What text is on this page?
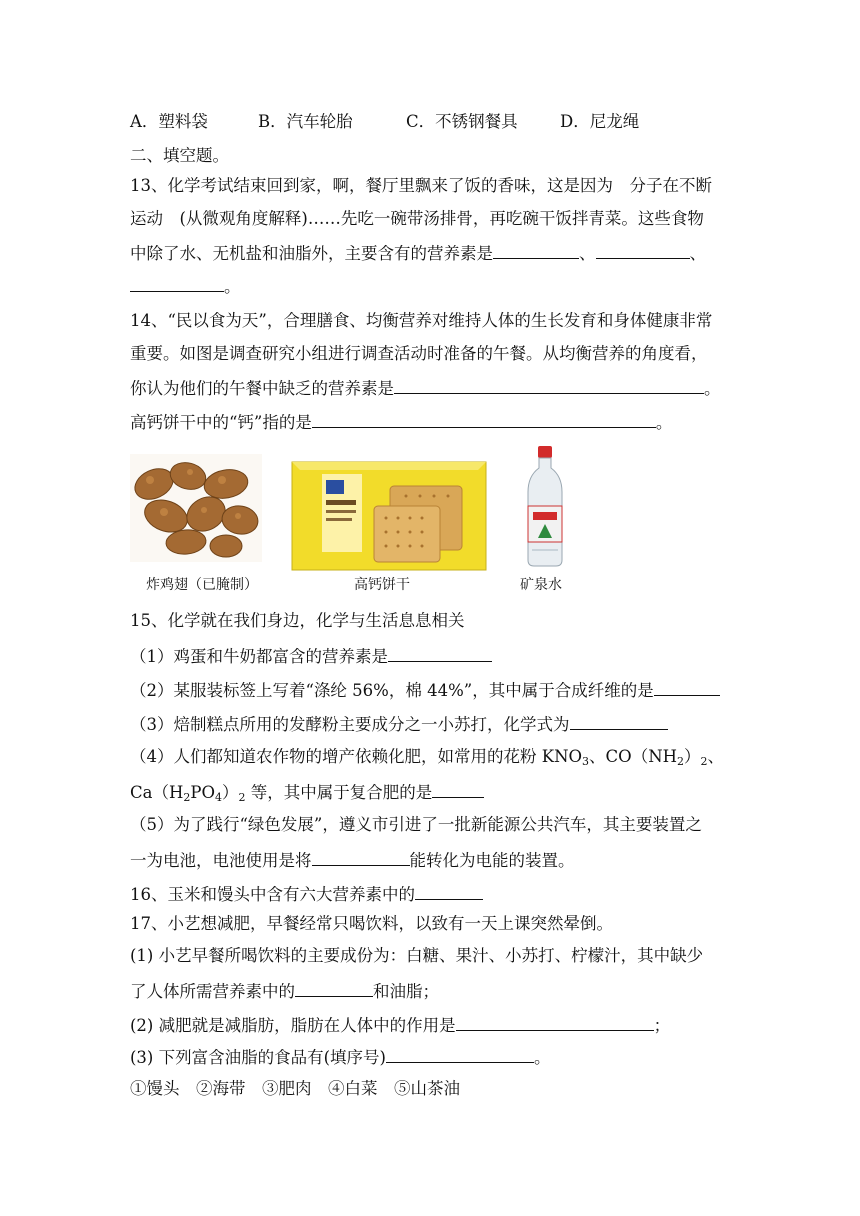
A．塑料袋	B．汽车轮胎	C．不锈钢餐具	D．尼龙绳
二、填空题。
13、化学考试结束回到家，啊，餐厅里飘来了饭的香味，这是因为　分子在不断
运动　(从微观角度解释)……先吃一碗带汤排骨，再吃碗干饭拌青菜。这些食物
中除了水、无机盐和油脂外，主要含有的营养素是	、	、
。
14、“民以食为天”，合理膳食、均衡营养对维持人体的生长发育和身体健康非常
重要。如图是调查研究小组进行调查活动时准备的午餐。从均衡营养的角度看，
你认为他们的午餐中缺乏的营养素是	。
高钙饼干中的“钙”指的是	。
炸鸡翅（已腌制）	高钙饼干	矿泉水
15、化学就在我们身边，化学与生活息息相关
（1）鸡蛋和牛奶都富含的营养素是
（2）某服装标签上写着“涤纶 56%，棉 44%”，其中属于合成纤维的是
（3）焙制糕点所用的发酵粉主要成分之一小苏打，化学式为
（4）人们都知道农作物的增产依赖化肥，如常用的花粉 $KNO_3$、$CO(NH_2)_2$、
$Ca(H_2PO_4)_2$ 等，其中属于复合肥的是
（5）为了践行“绿色发展”，遵义市引进了一批新能源公共汽车，其主要装置之
一为电池，电池使用是将	能转化为电能的装置。
16、玉米和馒头中含有六大营养素中的
17、小艺想减肥，早餐经常只喝饮料，以致有一天上课突然晕倒。
(1) 小艺早餐所喝饮料的主要成份为：白糖、果汁、小苏打、柠檬汁，其中缺少
了人体所需营养素中的	和油脂；
(2) 减肥就是减脂肪，脂肪在人体中的作用是	；
(3) 下列富含油脂的食品有(填序号)	。
①馒头　②海带　③肥肉　④白菜　⑤山茶油
